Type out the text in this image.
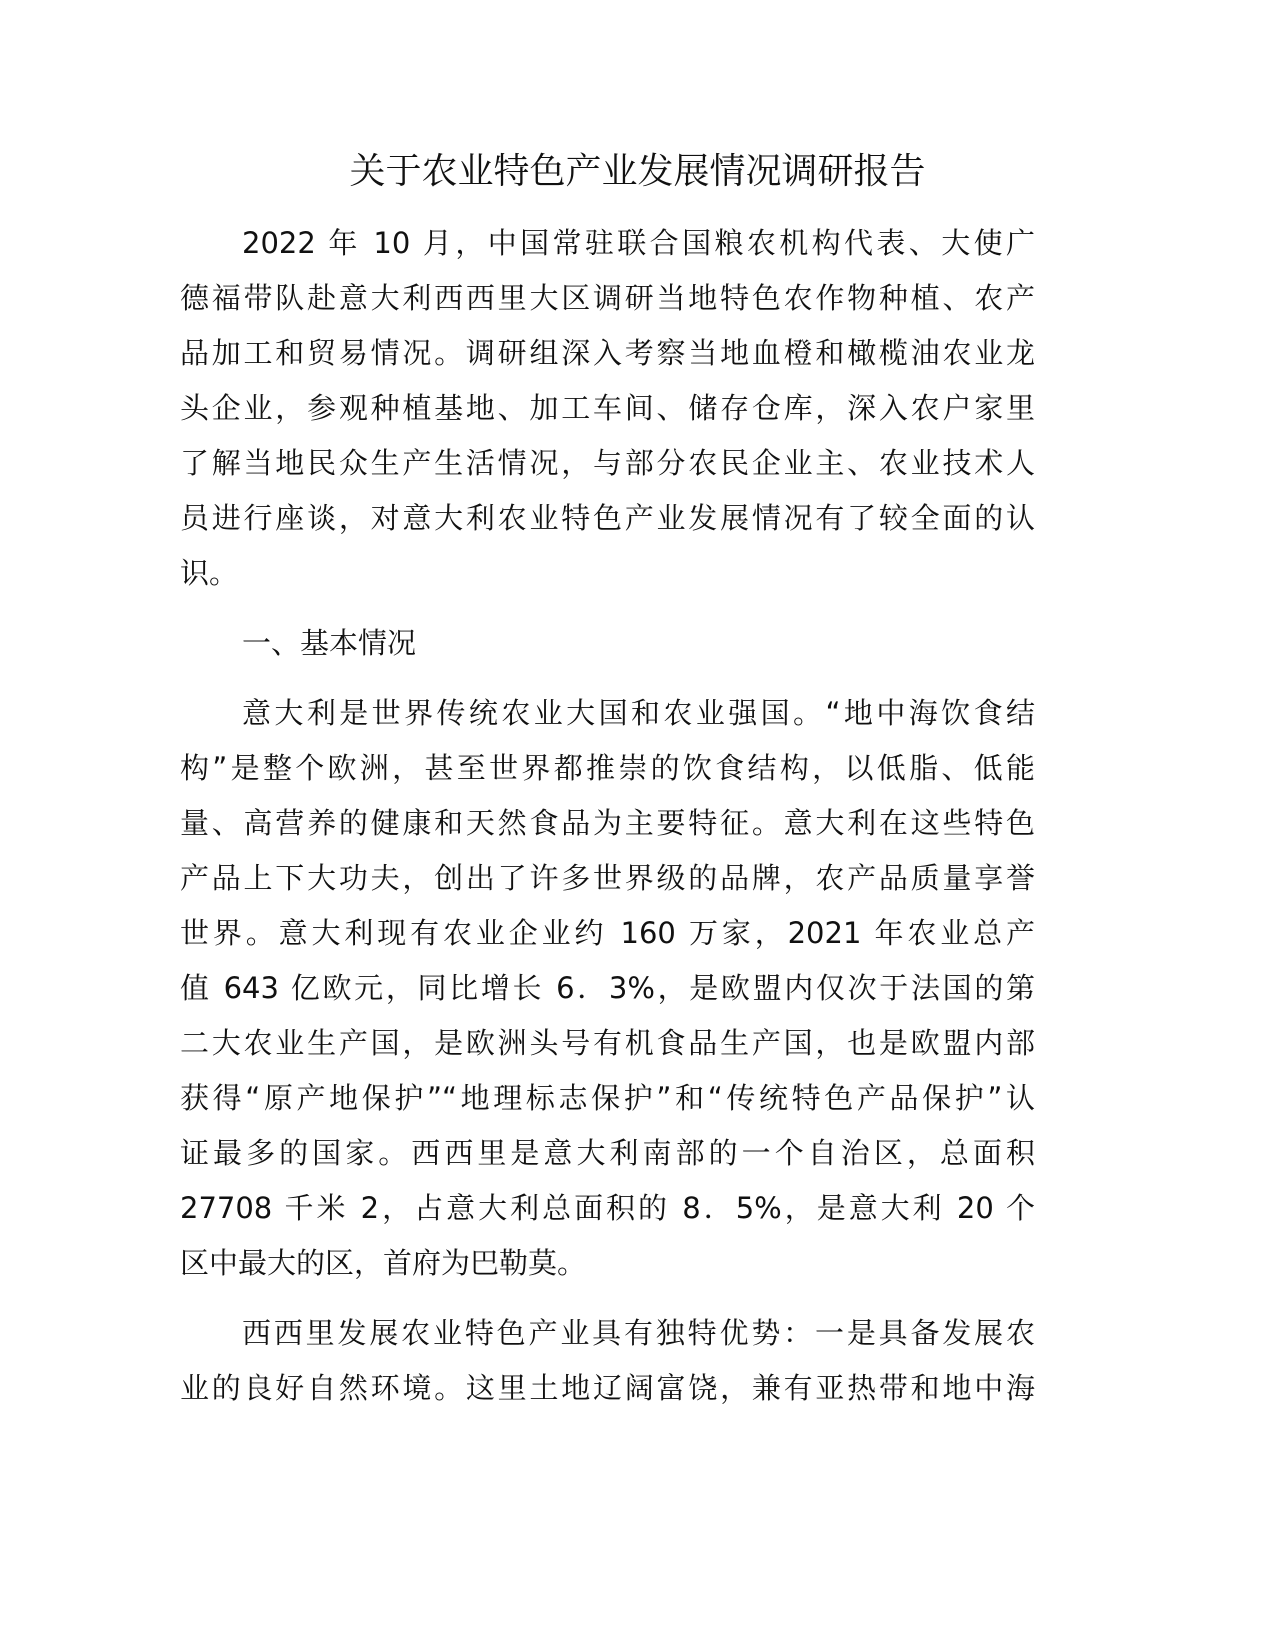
关于农业特色产业发展情况调研报告
2022 年 10 月，中国常驻联合国粮农机构代表、大使广
德福带队赴意大利西西里大区调研当地特色农作物种植、农产
品加工和贸易情况。调研组深入考察当地血橙和橄榄油农业龙
头企业，参观种植基地、加工车间、储存仓库，深入农户家里
了解当地民众生产生活情况，与部分农民企业主、农业技术人
员进行座谈，对意大利农业特色产业发展情况有了较全面的认
识。
一、基本情况
意大利是世界传统农业大国和农业强国。“地中海饮食结
构”是整个欧洲，甚至世界都推崇的饮食结构，以低脂、低能
量、高营养的健康和天然食品为主要特征。意大利在这些特色
产品上下大功夫，创出了许多世界级的品牌，农产品质量享誉
世界。意大利现有农业企业约 160 万家，2021 年农业总产
值 643 亿欧元，同比增长 6．3%，是欧盟内仅次于法国的第
二大农业生产国，是欧洲头号有机食品生产国，也是欧盟内部
获得“原产地保护”“地理标志保护”和“传统特色产品保护”认
证最多的国家。西西里是意大利南部的一个自治区，总面积
27708 千米 2，占意大利总面积的 8．5%，是意大利 20 个
区中最大的区，首府为巴勒莫。
西西里发展农业特色产业具有独特优势：一是具备发展农
业的良好自然环境。这里土地辽阔富饶，兼有亚热带和地中海
